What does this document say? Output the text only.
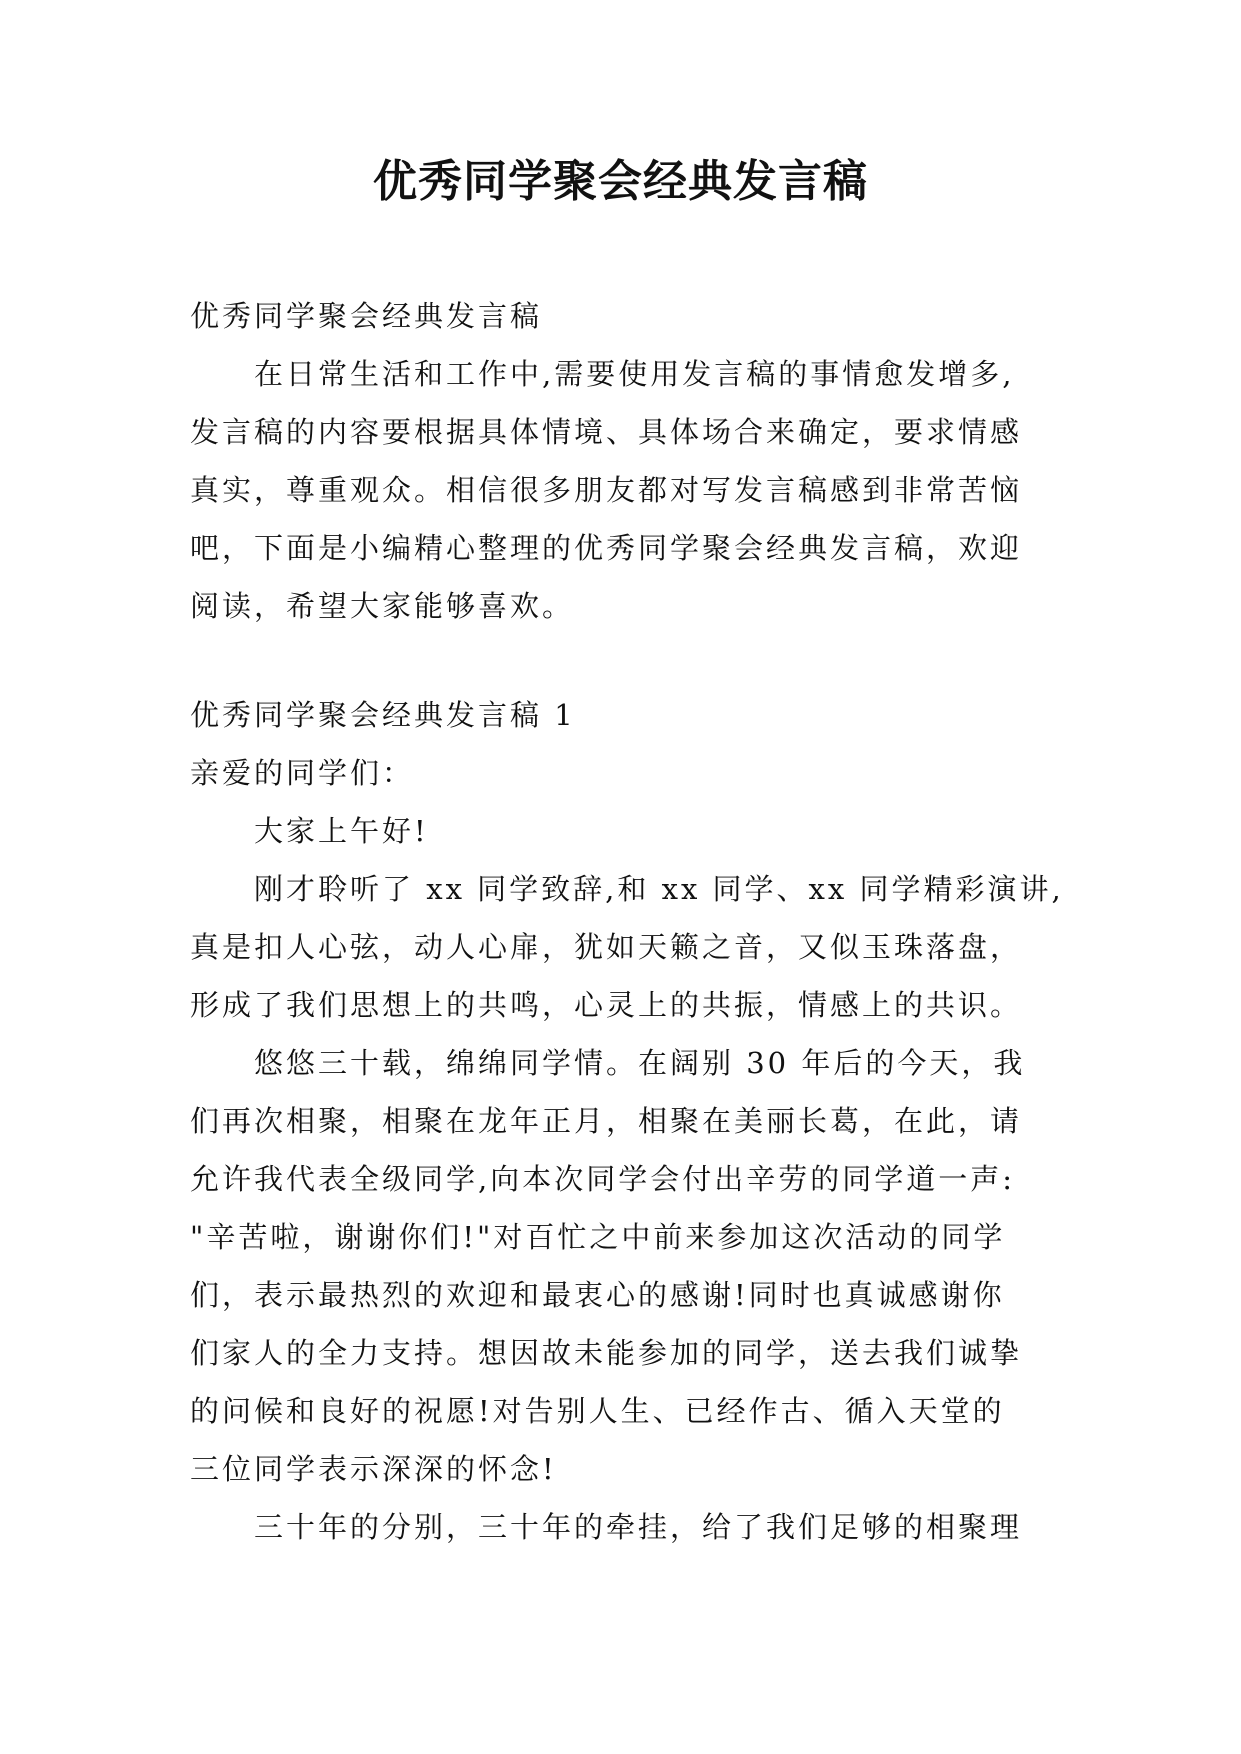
优秀同学聚会经典发言稿
优秀同学聚会经典发言稿
在日常生活和工作中,需要使用发言稿的事情愈发增多,
发言稿的内容要根据具体情境、具体场合来确定，要求情感
真实，尊重观众。相信很多朋友都对写发言稿感到非常苦恼
吧，下面是小编精心整理的优秀同学聚会经典发言稿，欢迎
阅读，希望大家能够喜欢。
优秀同学聚会经典发言稿 1
亲爱的同学们：
大家上午好!
刚才聆听了 xx 同学致辞,和 xx 同学、xx 同学精彩演讲,
真是扣人心弦，动人心扉，犹如天籁之音，又似玉珠落盘，
形成了我们思想上的共鸣，心灵上的共振，情感上的共识。
悠悠三十载，绵绵同学情。在阔别 30 年后的今天，我
们再次相聚，相聚在龙年正月，相聚在美丽长葛，在此，请
允许我代表全级同学,向本次同学会付出辛劳的同学道一声:
"辛苦啦，谢谢你们!"对百忙之中前来参加这次活动的同学
们，表示最热烈的欢迎和最衷心的感谢!同时也真诚感谢你
们家人的全力支持。想因故未能参加的同学，送去我们诚挚
的问候和良好的祝愿!对告别人生、已经作古、循入天堂的
三位同学表示深深的怀念!
三十年的分别，三十年的牵挂，给了我们足够的相聚理
